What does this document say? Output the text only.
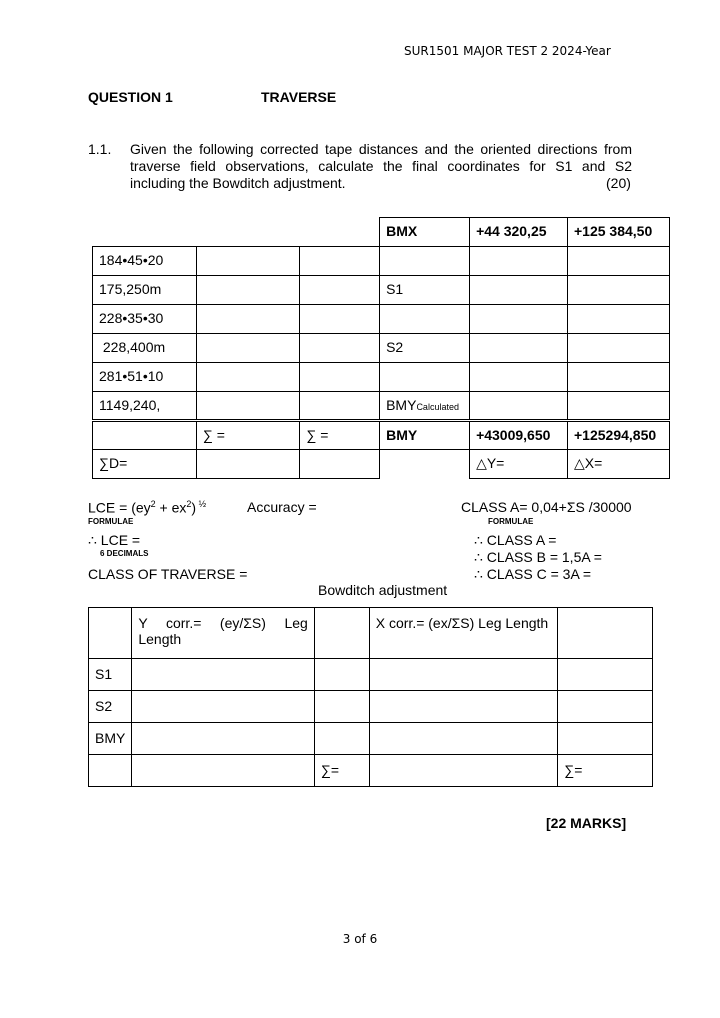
SUR1501 MAJOR TEST 2 2024-Year
QUESTION 1	TRAVERSE
1.1. Given the following corrected tape distances and the oriented directions from traverse field observations, calculate the final coordinates for S1 and S2 including the Bowditch adjustment.	(20)
			BMX	+44 320,25	+125 384,50
184•45•20					
175,250m			S1		
228•35•30					
228,400m			S2		
281•51•10					
1149,240,			BMYCalculated		
	∑ =	∑ =	BMY	+43009,650	+125294,850
∑D=				△Y=	△X=
LCE = $(ey^2 + ex^2)$ $^{\frac{1}{2}}$
FORMULAE
Accuracy =	CLASS A= 0,04+ΣS /30000
FORMULAE
∴ LCE =
6 DECIMALS
CLASS OF TRAVERSE =
∴ CLASS A =
∴ CLASS B = 1,5A =
∴ CLASS C = 3A =
Bowditch adjustment
	Y corr.= (ey/ΣS) Leg Length		X corr.= (ex/ΣS) Leg Length	
S1				
S2				
BMY				
		∑=		∑=
[22 MARKS]
3 of 6
